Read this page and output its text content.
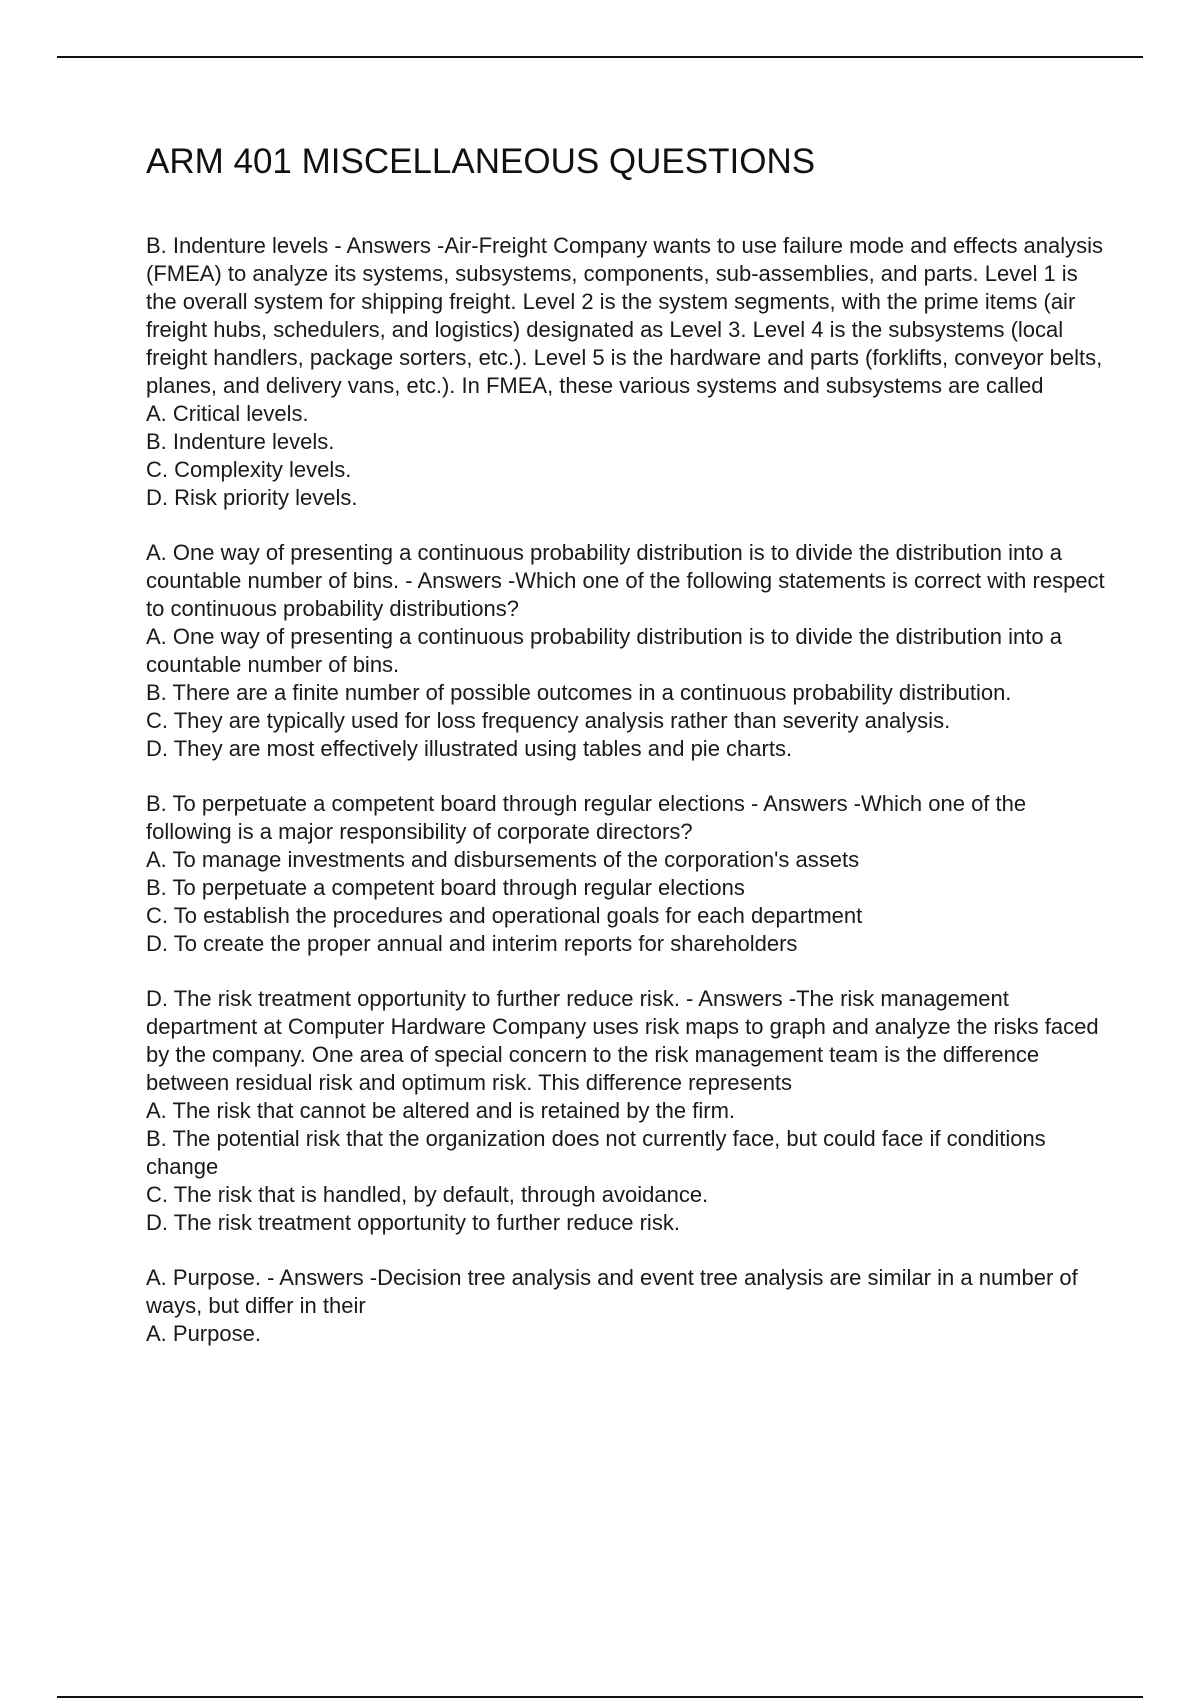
ARM 401 MISCELLANEOUS QUESTIONS

B. Indenture levels - Answers -Air-Freight Company wants to use failure mode and effects analysis (FMEA) to analyze its systems, subsystems, components, sub-assemblies, and parts. Level 1 is the overall system for shipping freight. Level 2 is the system segments, with the prime items (air freight hubs, schedulers, and logistics) designated as Level 3. Level 4 is the subsystems (local freight handlers, package sorters, etc.). Level 5 is the hardware and parts (forklifts, conveyor belts, planes, and delivery vans, etc.). In FMEA, these various systems and subsystems are called

A. Critical levels.
B. Indenture levels.
C. Complexity levels.
D. Risk priority levels.

A. One way of presenting a continuous probability distribution is to divide the distribution into a countable number of bins. - Answers -Which one of the following statements is correct with respect to continuous probability distributions?

A. One way of presenting a continuous probability distribution is to divide the distribution into a countable number of bins.
B. There are a finite number of possible outcomes in a continuous probability distribution.
C. They are typically used for loss frequency analysis rather than severity analysis.
D. They are most effectively illustrated using tables and pie charts.

B. To perpetuate a competent board through regular elections - Answers -Which one of the following is a major responsibility of corporate directors?

A. To manage investments and disbursements of the corporation's assets
B. To perpetuate a competent board through regular elections
C. To establish the procedures and operational goals for each department
D. To create the proper annual and interim reports for shareholders

D. The risk treatment opportunity to further reduce risk. - Answers -The risk management department at Computer Hardware Company uses risk maps to graph and analyze the risks faced by the company. One area of special concern to the risk management team is the difference between residual risk and optimum risk. This difference represents

A. The risk that cannot be altered and is retained by the firm.
B. The potential risk that the organization does not currently face, but could face if conditions change
C. The risk that is handled, by default, through avoidance.
D. The risk treatment opportunity to further reduce risk.

A. Purpose. - Answers -Decision tree analysis and event tree analysis are similar in a number of ways, but differ in their

A. Purpose.
